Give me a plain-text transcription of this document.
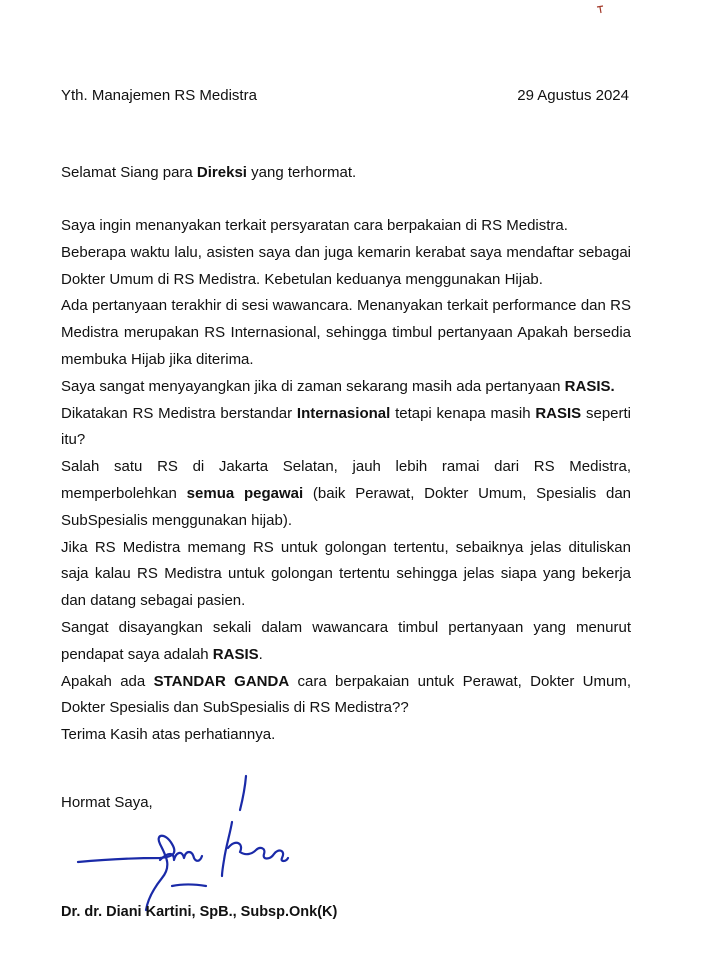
Yth. Manajemen RS Medistra	29 Agustus 2024
Selamat Siang para Direksi yang terhormat.

Saya ingin menanyakan terkait persyaratan cara berpakaian di RS Medistra.

Beberapa waktu lalu, asisten saya dan juga kemarin kerabat saya mendaftar sebagai Dokter Umum di RS Medistra. Kebetulan keduanya menggunakan Hijab.

Ada pertanyaan terakhir di sesi wawancara. Menanyakan terkait performance dan RS Medistra merupakan RS Internasional, sehingga timbul pertanyaan Apakah bersedia membuka Hijab jika diterima.

Saya sangat menyayangkan jika di zaman sekarang masih ada pertanyaan RASIS.

Dikatakan RS Medistra berstandar Internasional tetapi kenapa masih RASIS seperti itu?

Salah satu RS di Jakarta Selatan, jauh lebih ramai dari RS Medistra, memperbolehkan semua pegawai (baik Perawat, Dokter Umum, Spesialis dan SubSpesialis menggunakan hijab).

Jika RS Medistra memang RS untuk golongan tertentu, sebaiknya jelas dituliskan saja kalau RS Medistra untuk golongan tertentu sehingga jelas siapa yang bekerja dan datang sebagai pasien.

Sangat disayangkan sekali dalam wawancara timbul pertanyaan yang menurut pendapat saya adalah RASIS.

Apakah ada STANDAR GANDA cara berpakaian untuk Perawat, Dokter Umum, Dokter Spesialis dan SubSpesialis di RS Medistra??

Terima Kasih atas perhatiannya.

Hormat Saya,
Dr. dr. Diani Kartini, SpB., Subsp.Onk(K)
